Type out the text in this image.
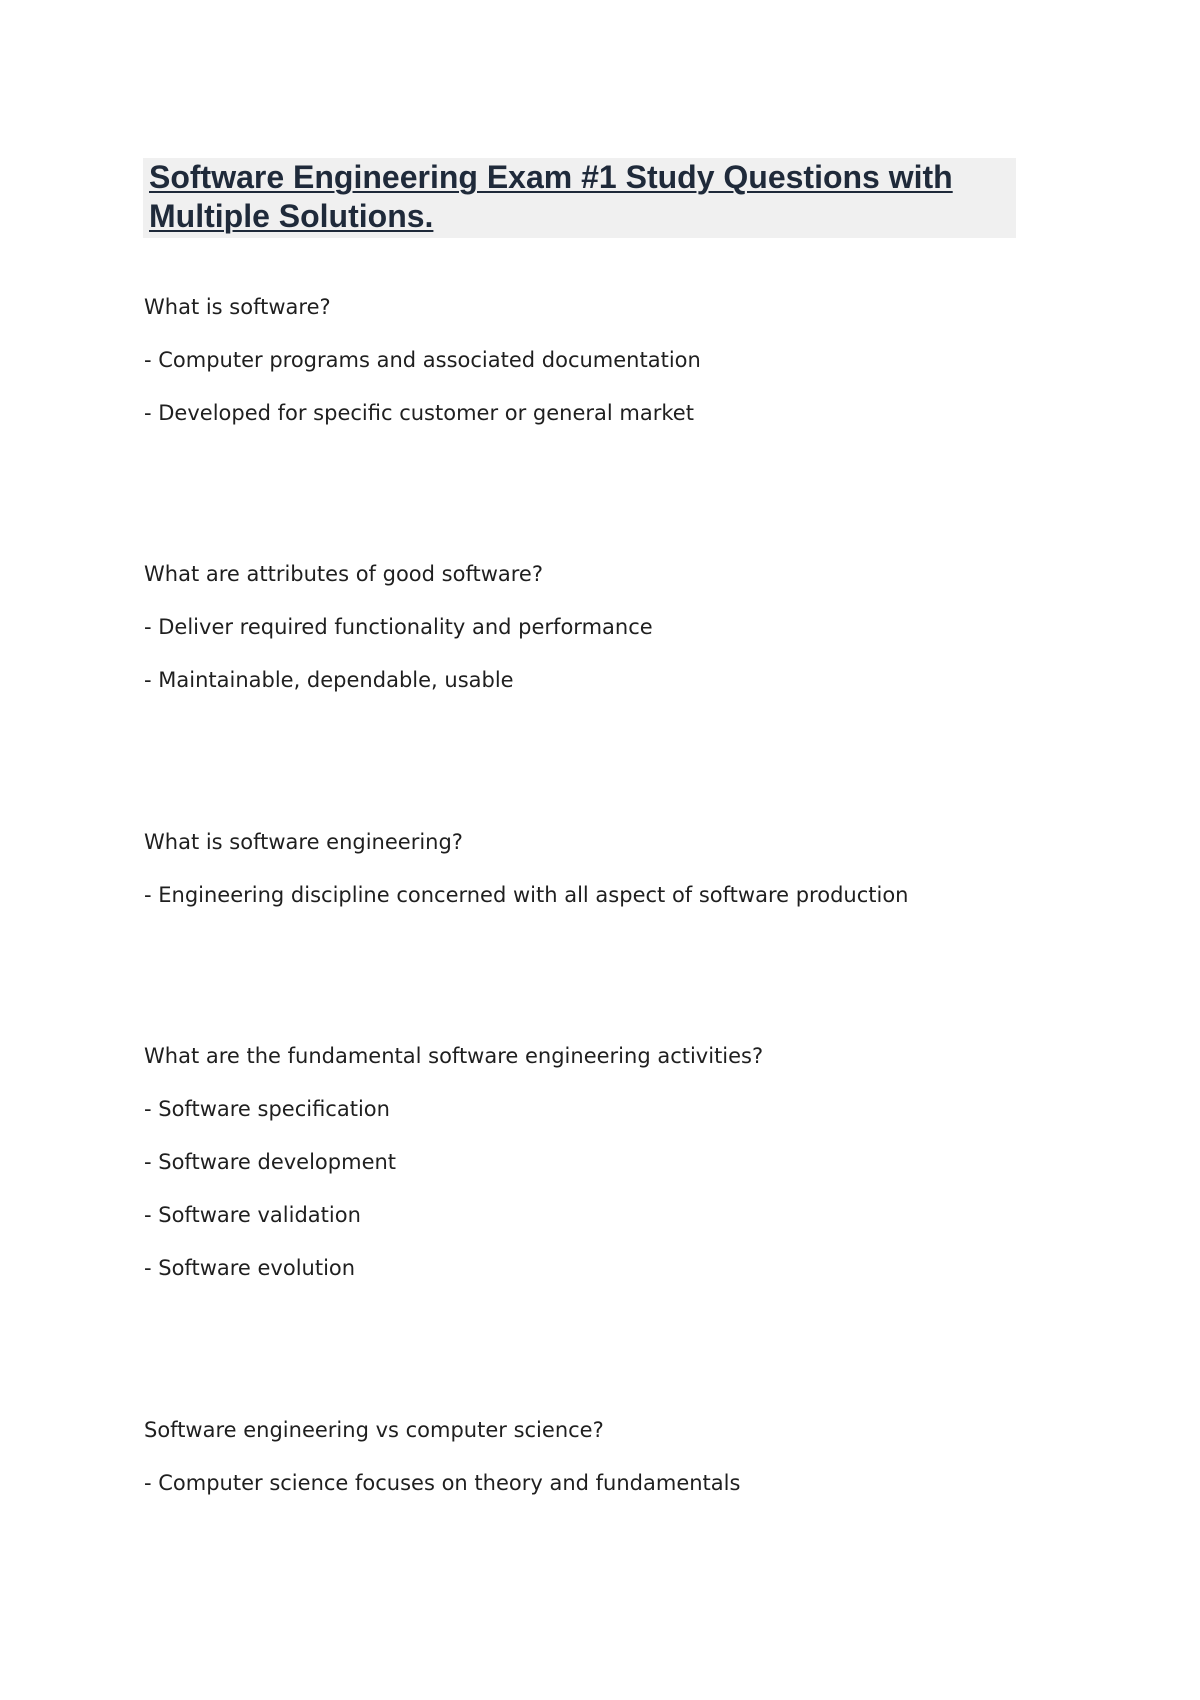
Software Engineering Exam #1 Study Questions with Multiple Solutions.

What is software?

- Computer programs and associated documentation

- Developed for specific customer or general market

What are attributes of good software?

- Deliver required functionality and performance

- Maintainable, dependable, usable

What is software engineering?

- Engineering discipline concerned with all aspect of software production

What are the fundamental software engineering activities?

- Software specification

- Software development

- Software validation

- Software evolution

Software engineering vs computer science?

- Computer science focuses on theory and fundamentals
